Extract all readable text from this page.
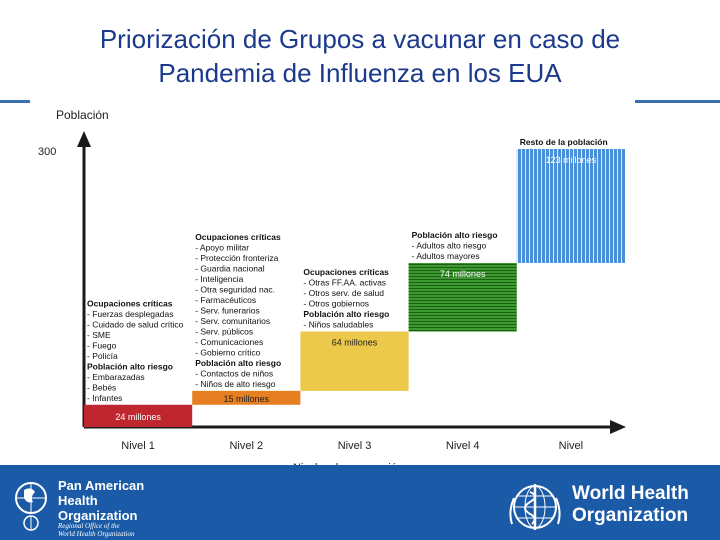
Priorización de Grupos a vacunar en caso de
Pandemia de Influenza en los EUA
Población
300
24 millones
15 millones
64 millones
74 millones
123 millones
Ocupaciones críticas
- Fuerzas desplegadas
- Cuidado de salud crítico
- SME
- Fuego
- Policía
Población alto riesgo
- Embarazadas
- Bebés
- Infantes
Ocupaciones críticas
- Apoyo militar
- Protección fronteriza
- Guardia nacional
- Inteligencia
- Otra seguridad nac.
- Farmacéuticos
- Serv. funerarios
- Serv. comunitarios
- Serv. públicos
- Comunicaciones
- Gobierno crítico
Población alto riesgo
- Contactos de niños
- Niños de alto riesgo
Ocupaciones críticas
- Otras FF.AA. activas
- Otros serv. de salud
- Otros gobiernos
Población alto riesgo
- Niños saludables
Población alto riesgo
- Adultos alto riesgo
- Adultos mayores
Resto de la población
Nivel 1	Nivel 2	Nivel 3	Nivel 4	Nivel
Pan American
Health
Organization
Regional Office of the
World Health Organization
World Health
Organization
